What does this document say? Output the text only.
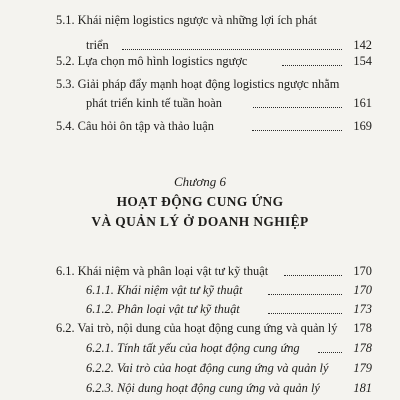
5.1. Khái niệm logistics ngược và những lợi ích phát
triển	142
5.2. Lựa chọn mô hình logistics ngược	154
5.3. Giải pháp đẩy mạnh hoạt động logistics ngược nhằm
phát triển kinh tế tuần hoàn	161
5.4. Câu hỏi ôn tập và thảo luận	169
Chương 6
HOẠT ĐỘNG CUNG ỨNG
VÀ QUẢN LÝ Ở DOANH NGHIỆP
6.1. Khái niệm và phân loại vật tư kỹ thuật	170
6.1.1. Khái niệm vật tư kỹ thuật	170
6.1.2. Phân loại vật tư kỹ thuật	173
6.2. Vai trò, nội dung của hoạt động cung ứng và quản lý 178
6.2.1. Tính tất yếu của hoạt động cung ứng	178
6.2.2. Vai trò của hoạt động cung ứng và quản lý 179
6.2.3. Nội dung hoạt động cung ứng và quản lý	181
